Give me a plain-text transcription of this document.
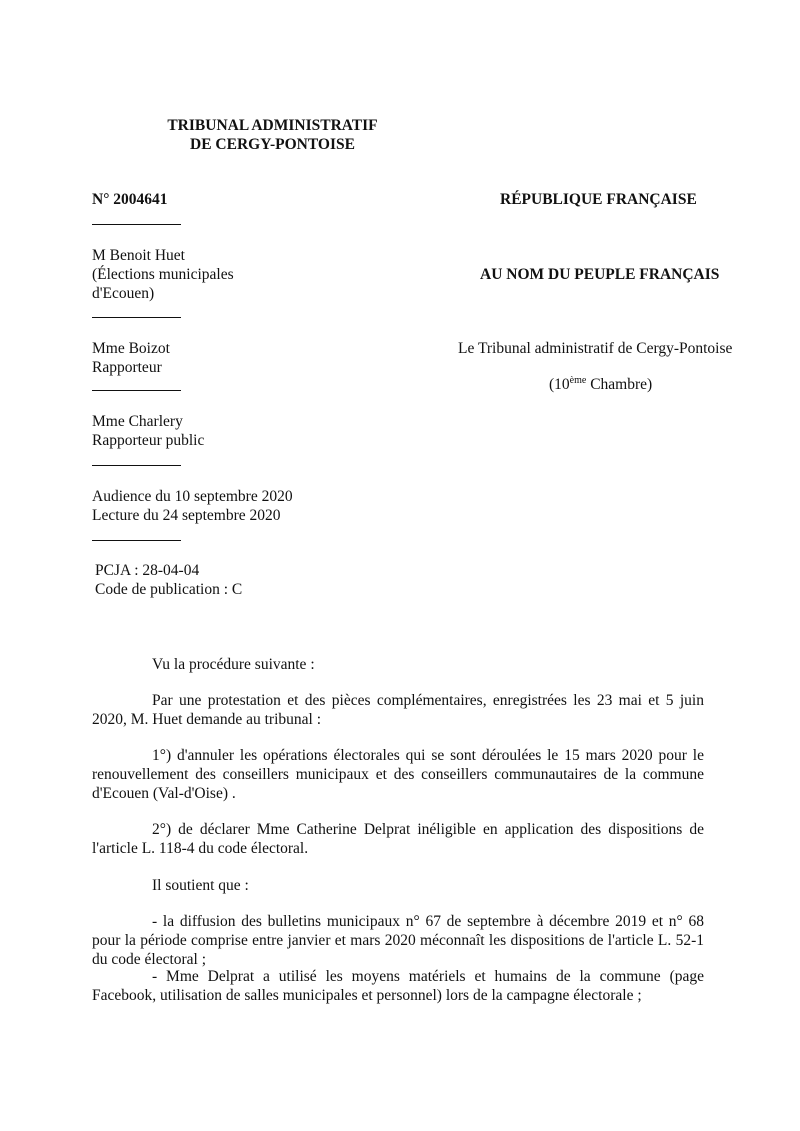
TRIBUNAL ADMINISTRATIF
DE CERGY-PONTOISE
N° 2004641	RÉPUBLIQUE FRANÇAISE
M Benoit Huet
(Élections municipales
d'Ecouen)
AU NOM DU PEUPLE FRANÇAIS
Mme Boizot
Rapporteur
Le Tribunal administratif de Cergy-Pontoise
(10ème Chambre)
Mme Charlery
Rapporteur public
Audience du 10 septembre 2020
Lecture du 24 septembre 2020
PCJA : 28-04-04
Code de publication : C
Vu la procédure suivante :
Par une protestation et des pièces complémentaires, enregistrées les 23 mai et 5 juin 2020, M. Huet demande au tribunal :
1°) d'annuler les opérations électorales qui se sont déroulées le 15 mars 2020 pour le renouvellement des conseillers municipaux et des conseillers communautaires de la commune d'Ecouen (Val-d'Oise) .
2°) de déclarer Mme Catherine Delprat inéligible en application des dispositions de l'article L. 118-4 du code électoral.
Il soutient que :
- la diffusion des bulletins municipaux n° 67 de septembre à décembre 2019 et n° 68 pour la période comprise entre janvier et mars 2020 méconnaît les dispositions de l'article L. 52-1 du code électoral ;
- Mme Delprat a utilisé les moyens matériels et humains de la commune (page Facebook, utilisation de salles municipales et personnel) lors de la campagne électorale ;
